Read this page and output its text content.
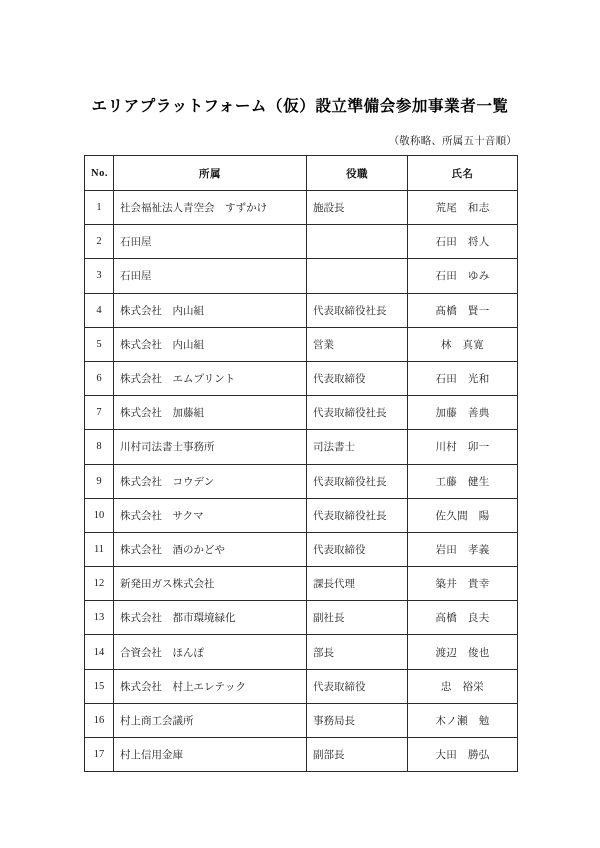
エリアプラットフォーム（仮）設立準備会参加事業者一覧
（敬称略、所属五十音順）
No.	所属	役職	氏名
1	社会福祉法人青空会　すずかけ	施設長	荒尾　和志
2	石田屋		石田　将人
3	石田屋		石田　ゆみ
4	株式会社　内山組	代表取締役社長	髙橋　賢一
5	株式会社　内山組	営業	林　真寛
6	株式会社　エムプリント	代表取締役	石田　光和
7	株式会社　加藤組	代表取締役社長	加藤　善典
8	川村司法書士事務所	司法書士	川村　卯一
9	株式会社　コウデン	代表取締役社長	工藤　健生
10	株式会社　サクマ	代表取締役社長	佐久間　陽
11	株式会社　酒のかどや	代表取締役	岩田　孝義
12	新発田ガス株式会社	課長代理	築井　貴幸
13	株式会社　都市環境緑化	副社長	高橋　良夫
14	合資会社　ほんぽ	部長	渡辺　俊也
15	株式会社　村上エレテック	代表取締役	忠　裕栄
16	村上商工会議所	事務局長	木ノ瀬　勉
17	村上信用金庫	副部長	大田　勝弘
